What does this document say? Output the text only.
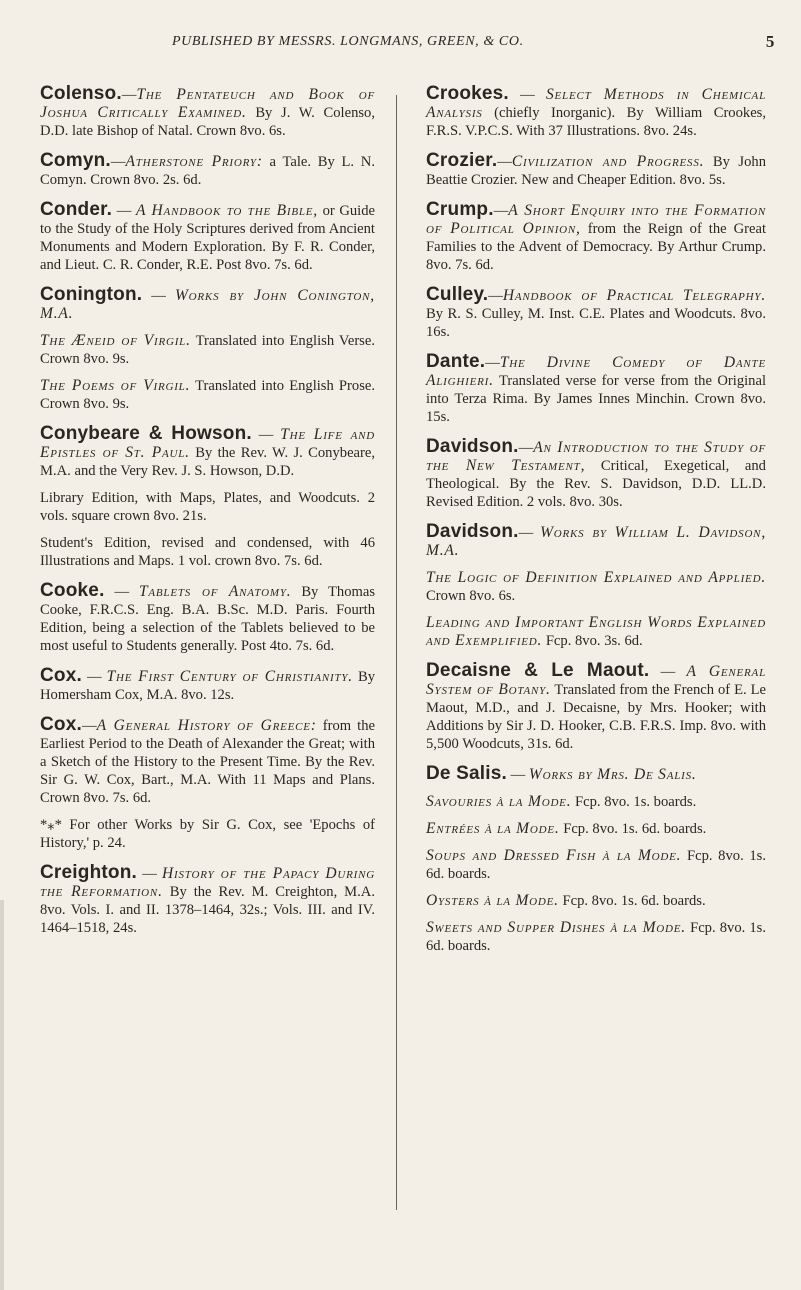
PUBLISHED BY MESSRS. LONGMANS, GREEN, & CO.	5

Colenso.—The Pentateuch and Book of Joshua Critically Examined. By J. W. Colenso, D.D. late Bishop of Natal. Crown 8vo. 6s.

Comyn.—Atherstone Priory: a Tale. By L. N. Comyn. Crown 8vo. 2s. 6d.

Conder. — A Handbook to the Bible, or Guide to the Study of the Holy Scriptures derived from Ancient Monuments and Modern Exploration. By F. R. Conder, and Lieut. C. R. Conder, R.E. Post 8vo. 7s. 6d.

Conington. — Works by John Conington, M.A.

The Æneid of Virgil. Translated into English Verse. Crown 8vo. 9s.

The Poems of Virgil. Translated into English Prose. Crown 8vo. 9s.

Conybeare & Howson. — The Life and Epistles of St. Paul. By the Rev. W. J. Conybeare, M.A. and the Very Rev. J. S. Howson, D.D.

Library Edition, with Maps, Plates, and Woodcuts. 2 vols. square crown 8vo. 21s.

Student's Edition, revised and condensed, with 46 Illustrations and Maps. 1 vol. crown 8vo. 7s. 6d.

Cooke. — Tablets of Anatomy. By Thomas Cooke, F.R.C.S. Eng. B.A. B.Sc. M.D. Paris. Fourth Edition, being a selection of the Tablets believed to be most useful to Students generally. Post 4to. 7s. 6d.

Cox. — The First Century of Christianity. By Homersham Cox, M.A. 8vo. 12s.

Cox.—A General History of Greece: from the Earliest Period to the Death of Alexander the Great; with a Sketch of the History to the Present Time. By the Rev. Sir G. W. Cox, Bart., M.A. With 11 Maps and Plans. Crown 8vo. 7s. 6d.

*⁎* For other Works by Sir G. Cox, see 'Epochs of History,' p. 24.

Creighton. — History of the Papacy During the Reformation. By the Rev. M. Creighton, M.A. 8vo. Vols. I. and II. 1378–1464, 32s.; Vols. III. and IV. 1464–1518, 24s.

Crookes. — Select Methods in Chemical Analysis (chiefly Inorganic). By William Crookes, F.R.S. V.P.C.S. With 37 Illustrations. 8vo. 24s.

Crozier.—Civilization and Progress. By John Beattie Crozier. New and Cheaper Edition. 8vo. 5s.

Crump.—A Short Enquiry into the Formation of Political Opinion, from the Reign of the Great Families to the Advent of Democracy. By Arthur Crump. 8vo. 7s. 6d.

Culley.—Handbook of Practical Telegraphy. By R. S. Culley, M. Inst. C.E. Plates and Woodcuts. 8vo. 16s.

Dante.—The Divine Comedy of Dante Alighieri. Translated verse for verse from the Original into Terza Rima. By James Innes Minchin. Crown 8vo. 15s.

Davidson.—An Introduction to the Study of the New Testament, Critical, Exegetical, and Theological. By the Rev. S. Davidson, D.D. LL.D. Revised Edition. 2 vols. 8vo. 30s.

Davidson.— Works by William L. Davidson, M.A.

The Logic of Definition Explained and Applied. Crown 8vo. 6s.

Leading and Important English Words Explained and Exemplified. Fcp. 8vo. 3s. 6d.

Decaisne & Le Maout. — A General System of Botany. Translated from the French of E. Le Maout, M.D., and J. Decaisne, by Mrs. Hooker; with Additions by Sir J. D. Hooker, C.B. F.R.S. Imp. 8vo. with 5,500 Woodcuts, 31s. 6d.

De Salis. — Works by Mrs. De Salis.

Savouries à la Mode. Fcp. 8vo. 1s. boards.

Entrées à la Mode. Fcp. 8vo. 1s. 6d. boards.

Soups and Dressed Fish à la Mode. Fcp. 8vo. 1s. 6d. boards.

Oysters à la Mode. Fcp. 8vo. 1s. 6d. boards.

Sweets and Supper Dishes à la Mode. Fcp. 8vo. 1s. 6d. boards.
